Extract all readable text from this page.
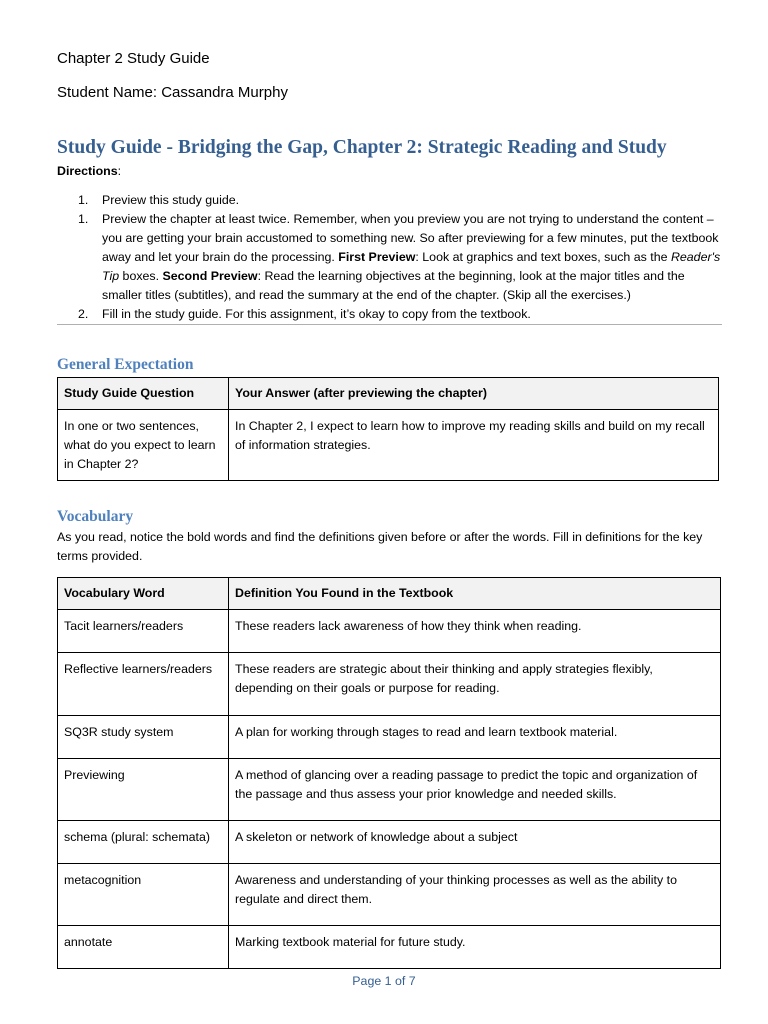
Chapter 2 Study Guide
Student Name: Cassandra Murphy
Study Guide - Bridging the Gap, Chapter 2: Strategic Reading and Study
Directions:
1. Preview this study guide.
1. Preview the chapter at least twice. Remember, when you preview you are not trying to understand the content – you are getting your brain accustomed to something new. So after previewing for a few minutes, put the textbook away and let your brain do the processing. First Preview: Look at graphics and text boxes, such as the Reader's Tip boxes. Second Preview: Read the learning objectives at the beginning, look at the major titles and the smaller titles (subtitles), and read the summary at the end of the chapter. (Skip all the exercises.)
2. Fill in the study guide. For this assignment, it’s okay to copy from the textbook.
General Expectation
Study Guide Question	Your Answer (after previewing the chapter)
In one or two sentences, what do you expect to learn in Chapter 2?	In Chapter 2, I expect to learn how to improve my reading skills and build on my recall of information strategies.
Vocabulary
As you read, notice the bold words and find the definitions given before or after the words. Fill in definitions for the key terms provided.
Vocabulary Word	Definition You Found in the Textbook
Tacit learners/readers	These readers lack awareness of how they think when reading.
Reflective learners/readers	These readers are strategic about their thinking and apply strategies flexibly, depending on their goals or purpose for reading.
SQ3R study system	A plan for working through stages to read and learn textbook material.
Previewing	A method of glancing over a reading passage to predict the topic and organization of the passage and thus assess your prior knowledge and needed skills.
schema (plural: schemata)	A skeleton or network of knowledge about a subject
metacognition	Awareness and understanding of your thinking processes as well as the ability to regulate and direct them.
annotate	Marking textbook material for future study.
Page 1 of 7
